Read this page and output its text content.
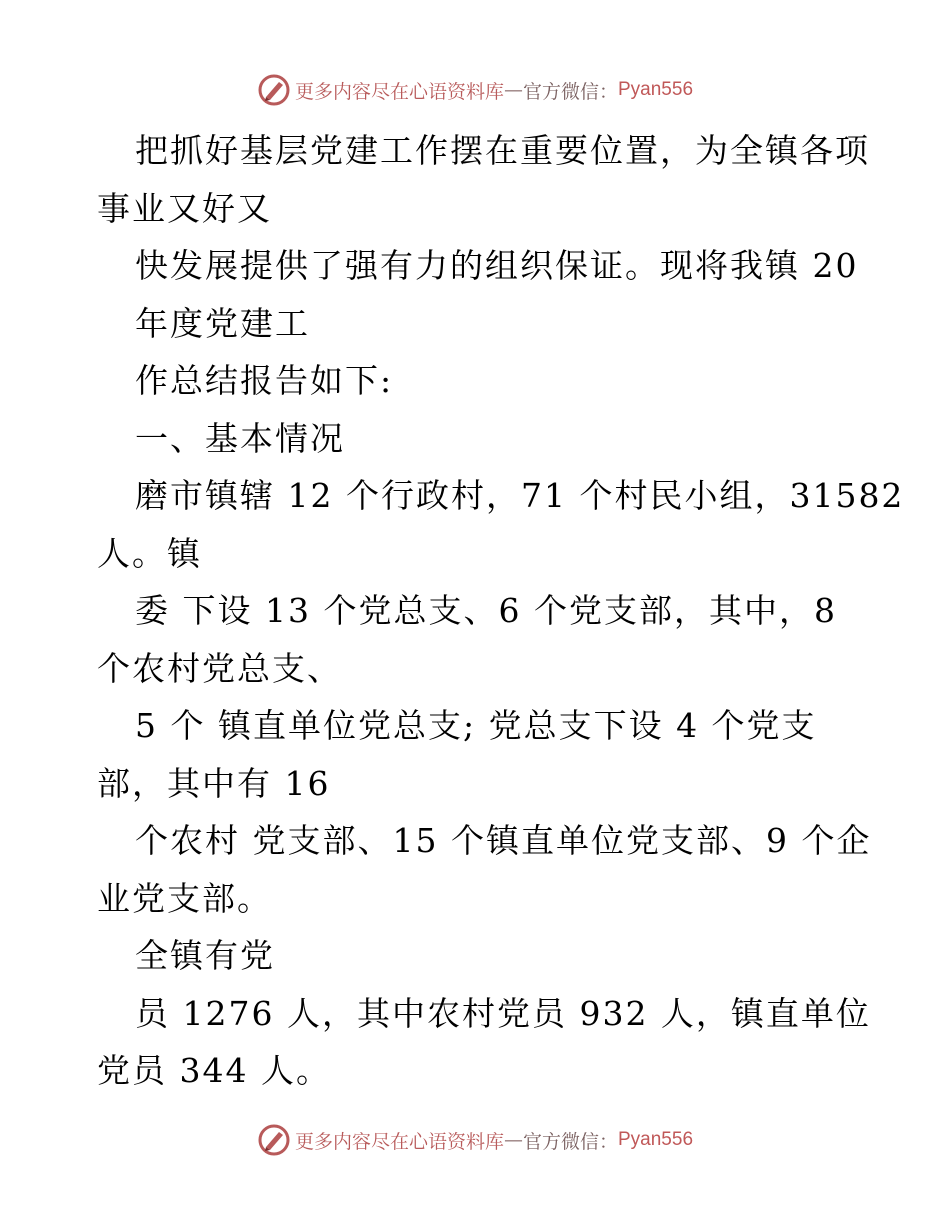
更多内容尽在心语资料库 — 官方微信： Pyan556
把抓好基层党建工作摆在重要位置，为全镇各项
事业又好又
快发展提供了强有力的组织保证。现将我镇 20
年度党建工
作总结报告如下:
一、基本情况
磨市镇辖 12 个行政村，71 个村民小组，31582
人。镇
委 下设 13 个党总支、6 个党支部，其中，8
个农村党总支、
5 个 镇直单位党总支; 党总支下设 4 个党支
部，其中有 16
个农村 党支部、15 个镇直单位党支部、9 个企
业党支部。
全镇有党
员 1276 人，其中农村党员 932 人，镇直单位
党员 344 人。
更多内容尽在心语资料库 — 官方微信： Pyan556
